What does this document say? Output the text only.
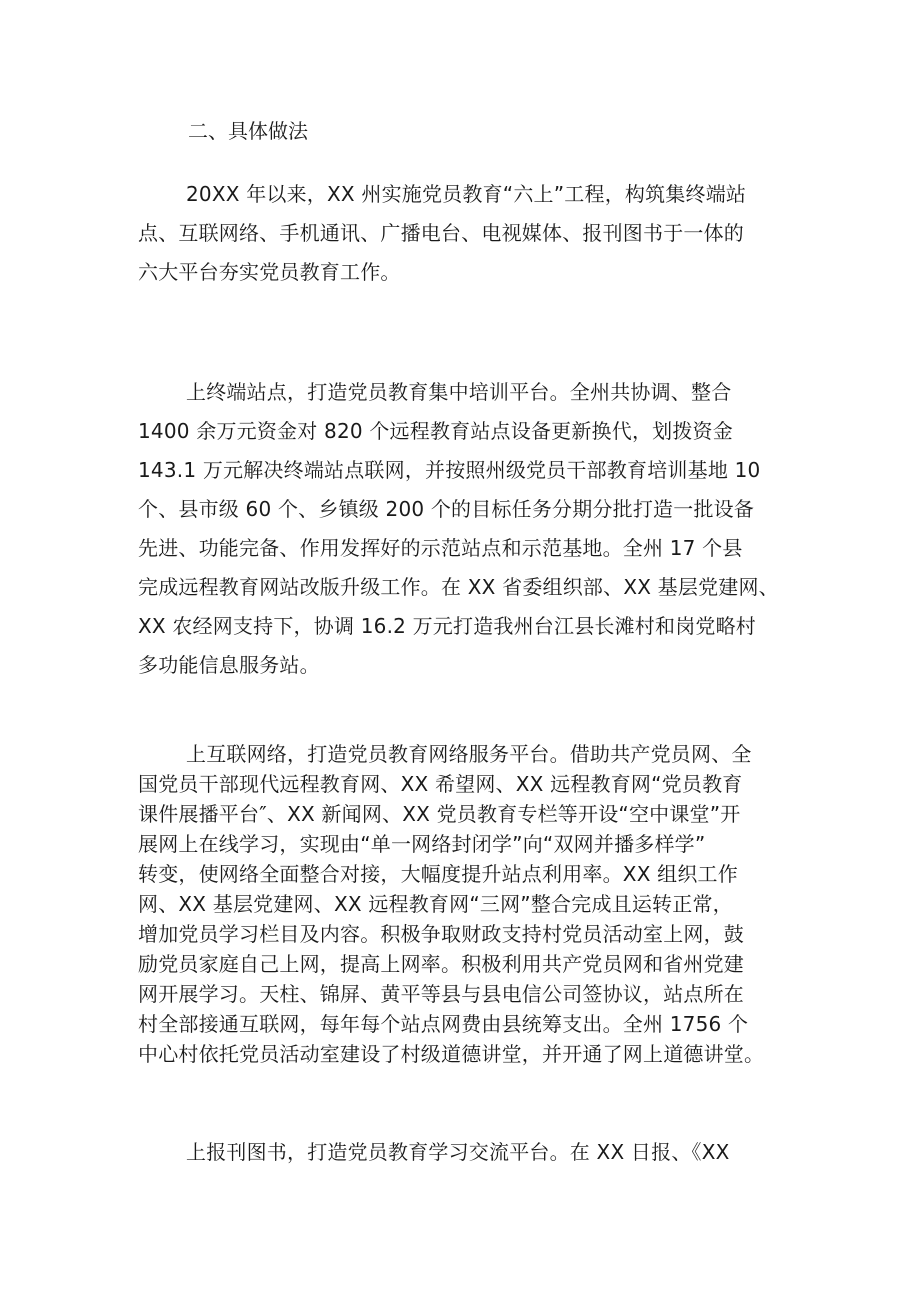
二、具体做法

20XX 年以来，XX 州实施党员教育“六上”工程，构筑集终端站
点、互联网络、手机通讯、广播电台、电视媒体、报刊图书于一体的
六大平台夯实党员教育工作。

上终端站点，打造党员教育集中培训平台。全州共协调、整合
1400 余万元资金对 820 个远程教育站点设备更新换代，划拨资金
143.1 万元解决终端站点联网，并按照州级党员干部教育培训基地 10
个、县市级 60 个、乡镇级 200 个的目标任务分期分批打造一批设备
先进、功能完备、作用发挥好的示范站点和示范基地。全州 17 个县
完成远程教育网站改版升级工作。在 XX 省委组织部、XX 基层党建网、
XX 农经网支持下，协调 16.2 万元打造我州台江县长滩村和岗党略村
多功能信息服务站。

上互联网络，打造党员教育网络服务平台。借助共产党员网、全
国党员干部现代远程教育网、XX 希望网、XX 远程教育网“党员教育
课件展播平台″、XX 新闻网、XX 党员教育专栏等开设“空中课堂”开
展网上在线学习，实现由“单一网络封闭学”向“双网并播多样学”
转变，使网络全面整合对接，大幅度提升站点利用率。XX 组织工作
网、XX 基层党建网、XX 远程教育网“三网”整合完成且运转正常，
增加党员学习栏目及内容。积极争取财政支持村党员活动室上网，鼓
励党员家庭自己上网，提高上网率。积极利用共产党员网和省州党建
网开展学习。天柱、锦屏、黄平等县与县电信公司签协议，站点所在
村全部接通互联网，每年每个站点网费由县统筹支出。全州 1756 个
中心村依托党员活动室建设了村级道德讲堂，并开通了网上道德讲堂。

上报刊图书，打造党员教育学习交流平台。在 XX 日报、《XX
